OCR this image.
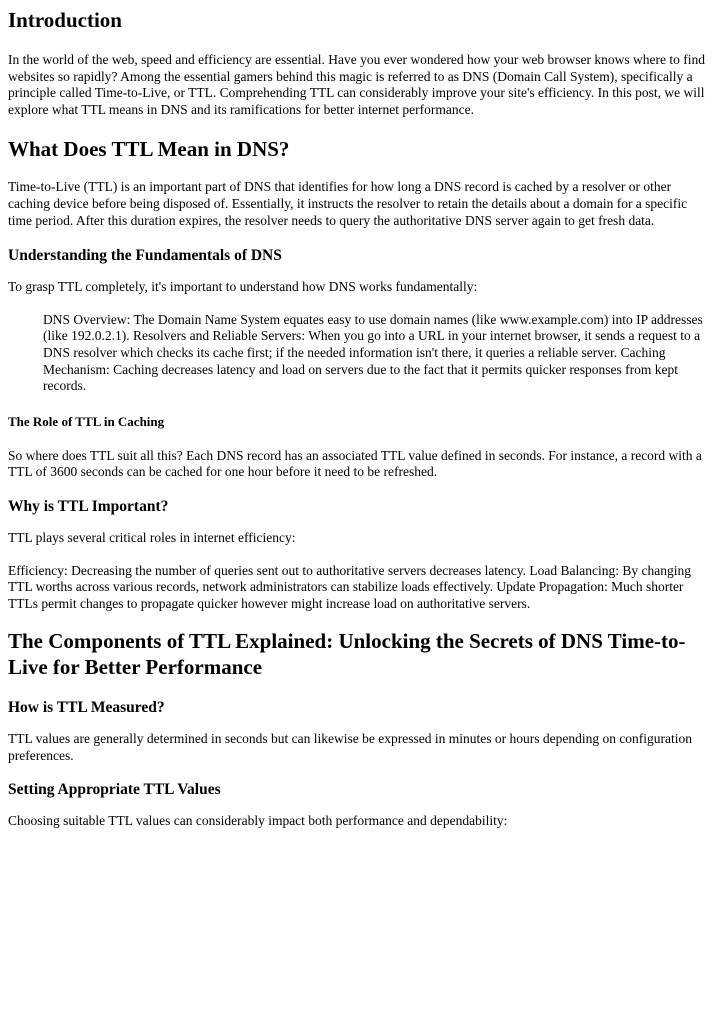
Introduction

In the world of the web, speed and efficiency are essential. Have you ever wondered how your web browser knows where to find websites so rapidly? Among the essential gamers behind this magic is referred to as DNS (Domain Call System), specifically a principle called Time-to-Live, or TTL. Comprehending TTL can considerably improve your site's efficiency. In this post, we will explore what TTL means in DNS and its ramifications for better internet performance.

What Does TTL Mean in DNS?

Time-to-Live (TTL) is an important part of DNS that identifies for how long a DNS record is cached by a resolver or other caching device before being disposed of. Essentially, it instructs the resolver to retain the details about a domain for a specific time period. After this duration expires, the resolver needs to query the authoritative DNS server again to get fresh data.

Understanding the Fundamentals of DNS

To grasp TTL completely, it's important to understand how DNS works fundamentally:

DNS Overview: The Domain Name System equates easy to use domain names (like www.example.com) into IP addresses (like 192.0.2.1). Resolvers and Reliable Servers: When you go into a URL in your internet browser, it sends a request to a DNS resolver which checks its cache first; if the needed information isn't there, it queries a reliable server. Caching Mechanism: Caching decreases latency and load on servers due to the fact that it permits quicker responses from kept records.
The Role of TTL in Caching

So where does TTL suit all this? Each DNS record has an associated TTL value defined in seconds. For instance, a record with a TTL of 3600 seconds can be cached for one hour before it need to be refreshed.

Why is TTL Important?

TTL plays several critical roles in internet efficiency:

Efficiency: Decreasing the number of queries sent out to authoritative servers decreases latency. Load Balancing: By changing TTL worths across various records, network administrators can stabilize loads effectively. Update Propagation: Much shorter TTLs permit changes to propagate quicker however might increase load on authoritative servers.

The Components of TTL Explained: Unlocking the Secrets of DNS Time-to-Live for Better Performance
How is TTL Measured?

TTL values are generally determined in seconds but can likewise be expressed in minutes or hours depending on configuration preferences.

Setting Appropriate TTL Values

Choosing suitable TTL values can considerably impact both performance and dependability:
